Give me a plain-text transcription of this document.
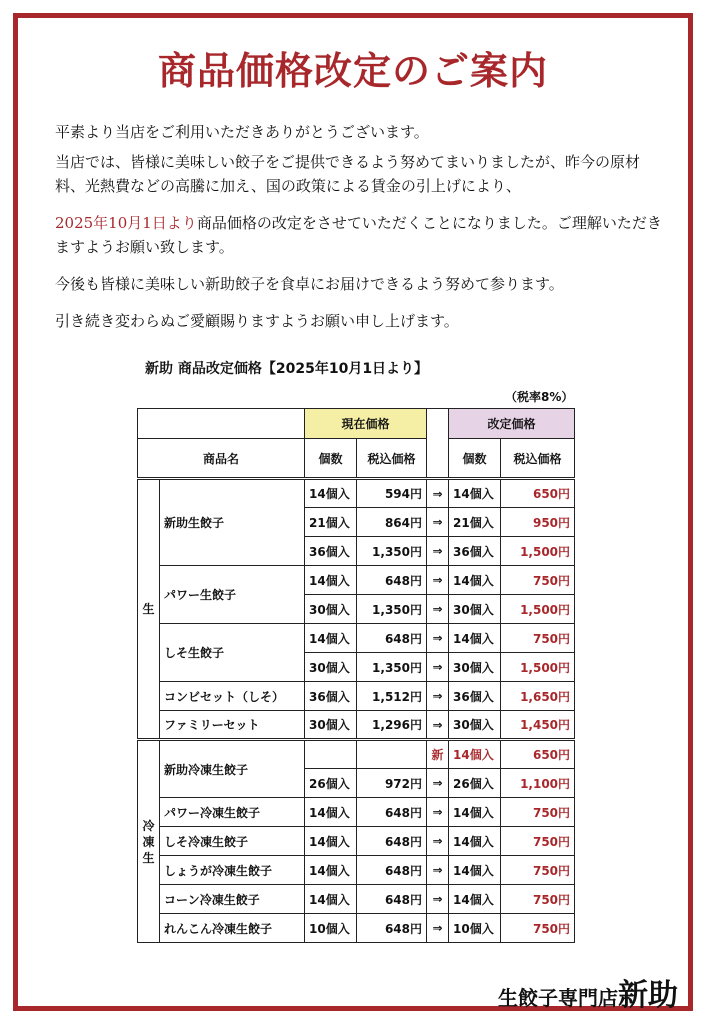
商品価格改定のご案内
平素より当店をご利用いただきありがとうございます。
当店では、皆様に美味しい餃子をご提供できるよう努めてまいりましたが、昨今の原材料、光熱費などの高騰に加え、国の政策による賃金の引上げにより、
2025年10月1日より商品価格の改定をさせていただくことになりました。ご理解いただきますようお願い致します。
今後も皆様に美味しい新助餃子を食卓にお届けできるよう努めて参ります。
引き続き変わらぬご愛顧賜りますようお願い申し上げます。
新助 商品改定価格【2025年10月1日より】
（税率8%）
		現在価格			改定価格	
商品名		個数	税込価格		個数	税込価格
生	新助生餃子	14個入	594円	⇒	14個入	650円
		21個入	864円	⇒	21個入	950円
		36個入	1,350円	⇒	36個入	1,500円
	パワー生餃子	14個入	648円	⇒	14個入	750円
		30個入	1,350円	⇒	30個入	1,500円
	しそ生餃子	14個入	648円	⇒	14個入	750円
		30個入	1,350円	⇒	30個入	1,500円
	コンビセット（しそ）	36個入	1,512円	⇒	36個入	1,650円
	ファミリーセット	30個入	1,296円	⇒	30個入	1,450円
冷凍生	新助冷凍生餃子			新	14個入	650円
		26個入	972円	⇒	26個入	1,100円
	パワー冷凍生餃子	14個入	648円	⇒	14個入	750円
	しそ冷凍生餃子	14個入	648円	⇒	14個入	750円
	しょうが冷凍生餃子	14個入	648円	⇒	14個入	750円
	コーン冷凍生餃子	14個入	648円	⇒	14個入	750円
	れんこん冷凍生餃子	10個入	648円	⇒	10個入	750円
生餃子専門店新助
